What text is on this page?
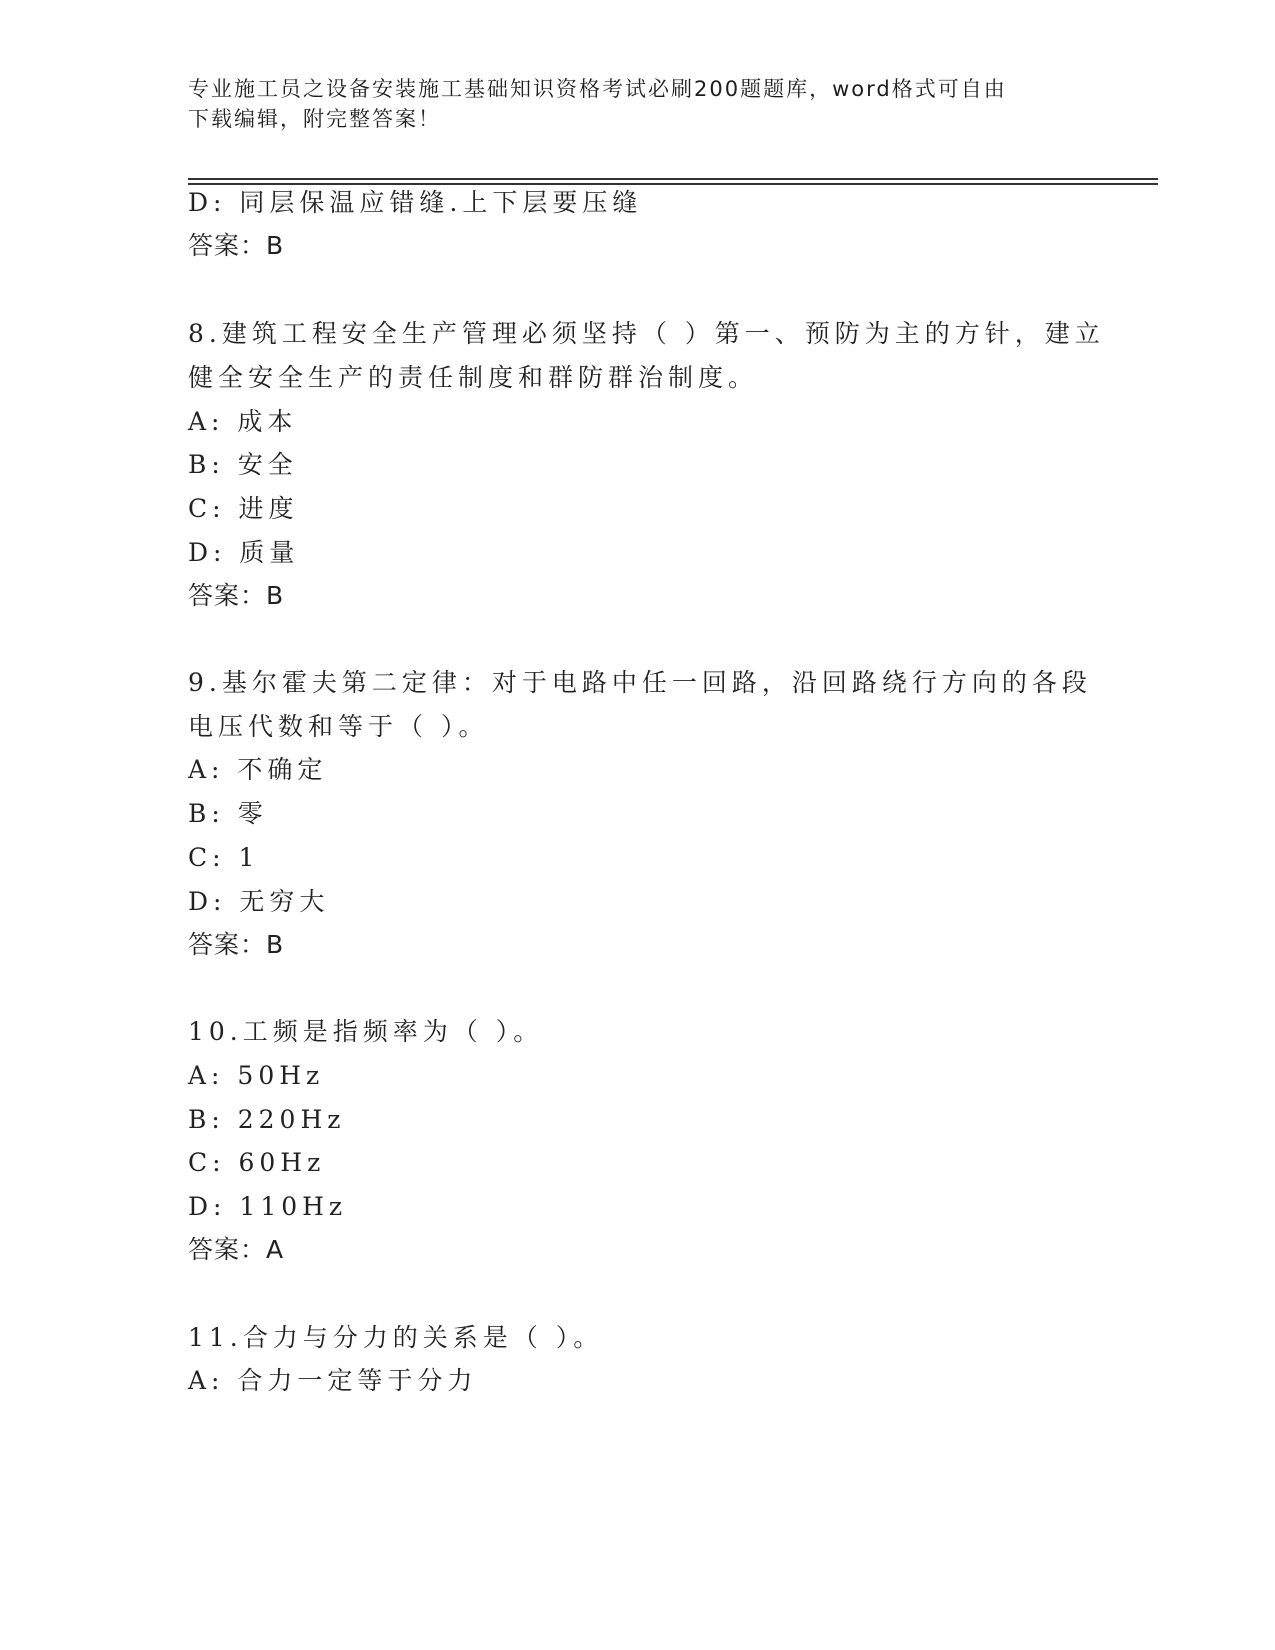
专业施工员之设备安装施工基础知识资格考试必刷200题题库，word格式可自由
下载编辑，附完整答案！
D: 同层保温应错缝.上下层要压缝
答案：B
8.建筑工程安全生产管理必须坚持（ ）第一、预防为主的方针，建立
健全安全生产的责任制度和群防群治制度。
A: 成本
B: 安全
C: 进度
D: 质量
答案：B
9.基尔霍夫第二定律：对于电路中任一回路，沿回路绕行方向的各段
电压代数和等于（ ）。
A: 不确定
B: 零
C: 1
D: 无穷大
答案：B
10.工频是指频率为（ ）。
A: 50Hz
B: 220Hz
C: 60Hz
D: 110Hz
答案：A
11.合力与分力的关系是（ ）。
A: 合力一定等于分力
